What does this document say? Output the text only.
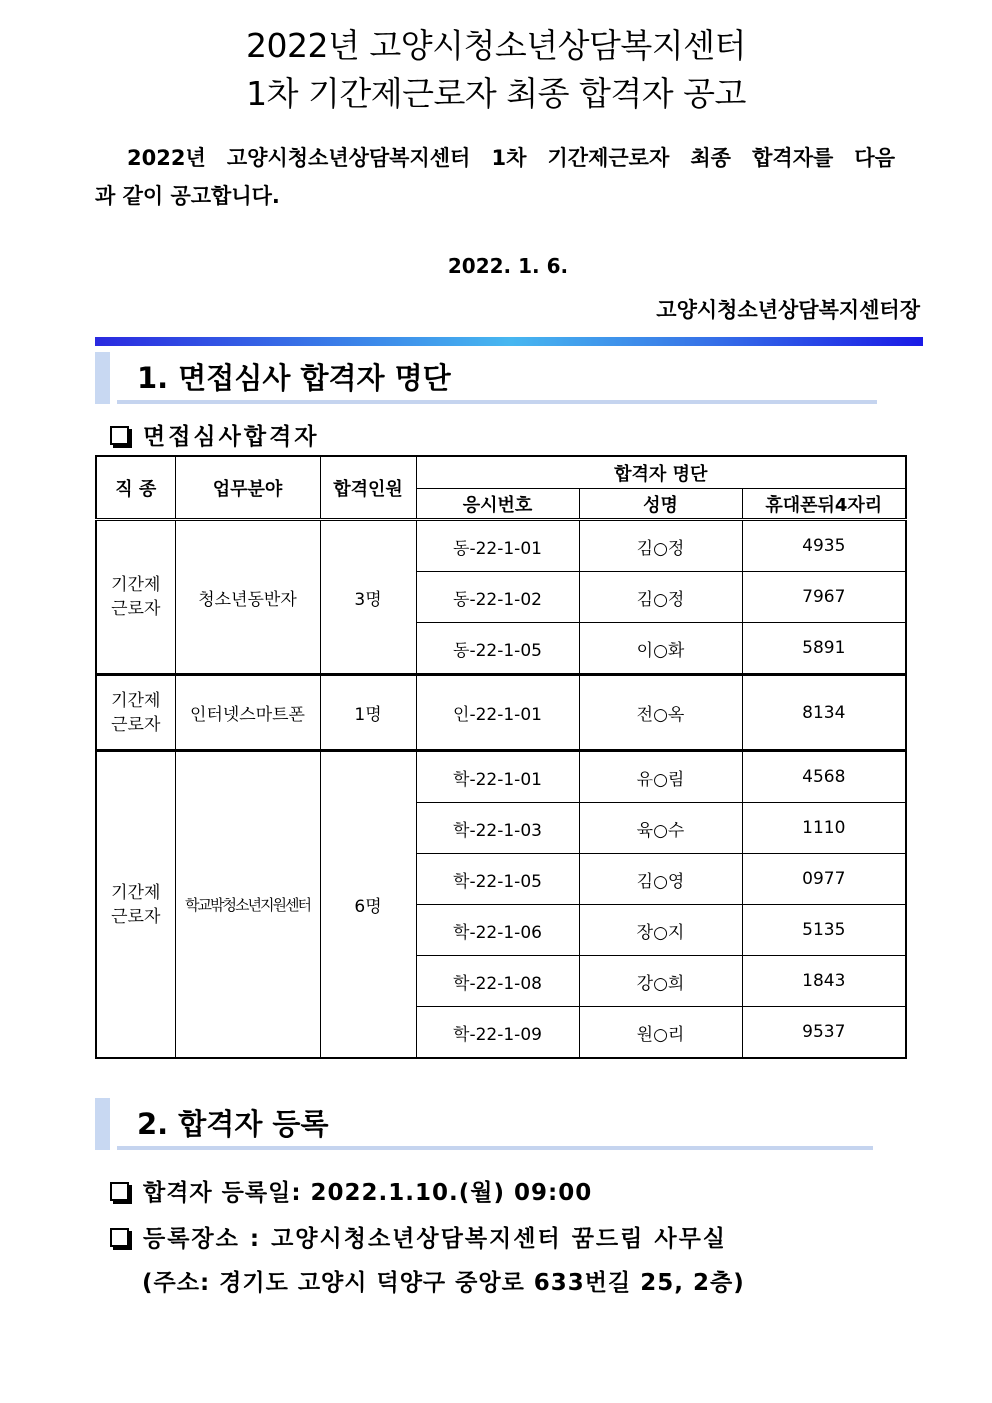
2022년 고양시청소년상담복지센터
1차 기간제근로자 최종 합격자 공고
2022년 고양시청소년상담복지센터 1차 기간제근로자 최종 합격자를 다음
과 같이 공고합니다.
2022. 1. 6.
고양시청소년상담복지센터장
1. 면접심사 합격자 명단
면접심사합격자
직 종	업무분야	합격인원	합격자 명단		
			응시번호	성명	휴대폰뒤4자리
기간제
근로자	청소년동반자	3명	동-22-1-01	김○정	4935
			동-22-1-02	김○정	7967
			동-22-1-05	이○화	5891
기간제
근로자	인터넷스마트폰	1명	인-22-1-01	전○옥	8134
기간제
근로자	학교밖청소년지원센터	6명	학-22-1-01	유○림	4568
			학-22-1-03	육○수	1110
			학-22-1-05	김○영	0977
			학-22-1-06	장○지	5135
			학-22-1-08	강○희	1843
			학-22-1-09	원○리	9537
2. 합격자 등록
합격자 등록일: 2022.1.10.(월) 09:00
등록장소 : 고양시청소년상담복지센터 꿈드림 사무실
(주소: 경기도 고양시 덕양구 중앙로 633번길 25, 2층)
